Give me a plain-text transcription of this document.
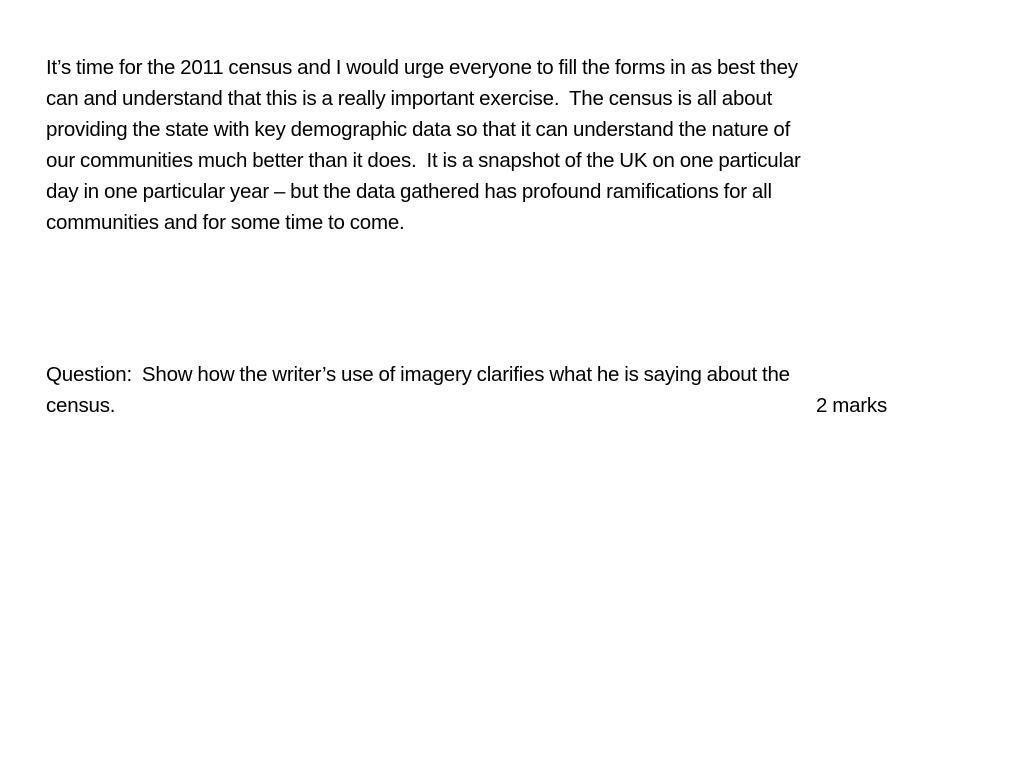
It’s time for the 2011 census and I would urge everyone to fill the forms in as best they
can and understand that this is a really important exercise.  The census is all about
providing the state with key demographic data so that it can understand the nature of
our communities much better than it does.  It is a snapshot of the UK on one particular
day in one particular year – but the data gathered has profound ramifications for all
communities and for some time to come.
Question:  Show how the writer’s use of imagery clarifies what he is saying about the
census.	2 marks
